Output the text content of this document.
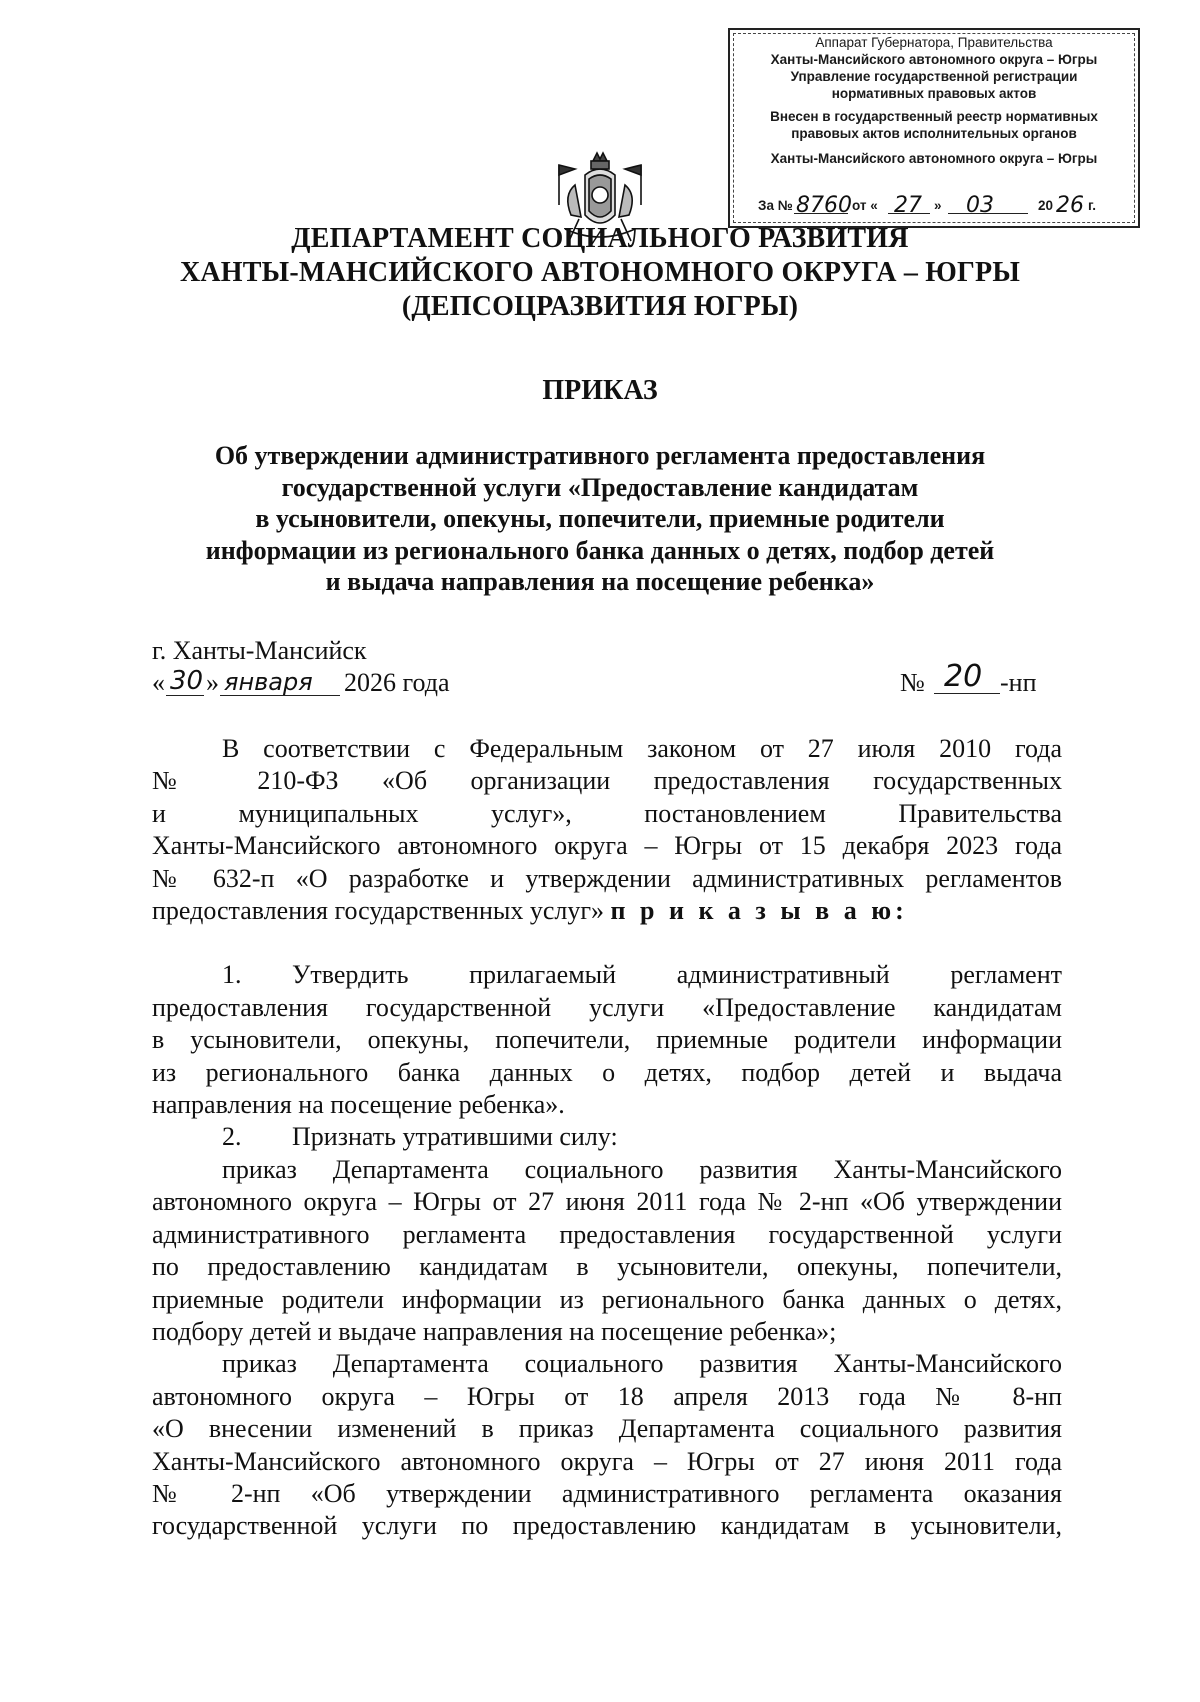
Аппарат Губернатора, Правительства
Ханты-Мансийского автономного округа – Югры
Управление государственной регистрации
нормативных правовых актов
Внесен в государственный реестр нормативных
правовых актов исполнительных органов
Ханты-Мансийского автономного округа – Югры
За № 8760 от « 27 » 03	20 26 г.
ДЕПАРТАМЕНТ СОЦИАЛЬНОГО РАЗВИТИЯ
ХАНТЫ-МАНСИЙСКОГО АВТОНОМНОГО ОКРУГА – ЮГРЫ
(ДЕПСОЦРАЗВИТИЯ ЮГРЫ)
ПРИКАЗ
Об утверждении административного регламента предоставления
государственной услуги «Предоставление кандидатам
в усыновители, опекуны, попечители, приемные родители
информации из регионального банка данных о детях, подбор детей
и выдача направления на посещение ребенка»
г. Ханты-Мансийск
« 30 » января 2026 года	№ 20 -нп

В соответствии с Федеральным законом от 27 июля 2010 года
№ 210-ФЗ «Об организации предоставления государственных
и муниципальных услуг», постановлением Правительства
Ханты-Мансийского автономного округа – Югры от 15 декабря 2023 года
№ 632-п «О разработке и утверждении административных регламентов
предоставления государственных услуг» п р и к а з ы в а ю:

1. Утвердить прилагаемый административный регламент
предоставления государственной услуги «Предоставление кандидатам
в усыновители, опекуны, попечители, приемные родители информации
из регионального банка данных о детях, подбор детей и выдача
направления на посещение ребенка».

2. Признать утратившими силу:

приказ Департамента социального развития Ханты-Мансийского
автономного округа – Югры от 27 июня 2011 года № 2-нп «Об утверждении
административного регламента предоставления государственной услуги
по предоставлению кандидатам в усыновители, опекуны, попечители,
приемные родители информации из регионального банка данных о детях,
подбору детей и выдаче направления на посещение ребенка»;

приказ Департамента социального развития Ханты-Мансийского
автономного округа – Югры от 18 апреля 2013 года № 8-нп
«О внесении изменений в приказ Департамента социального развития
Ханты-Мансийского автономного округа – Югры от 27 июня 2011 года
№ 2-нп «Об утверждении административного регламента оказания
государственной услуги по предоставлению кандидатам в усыновители,
